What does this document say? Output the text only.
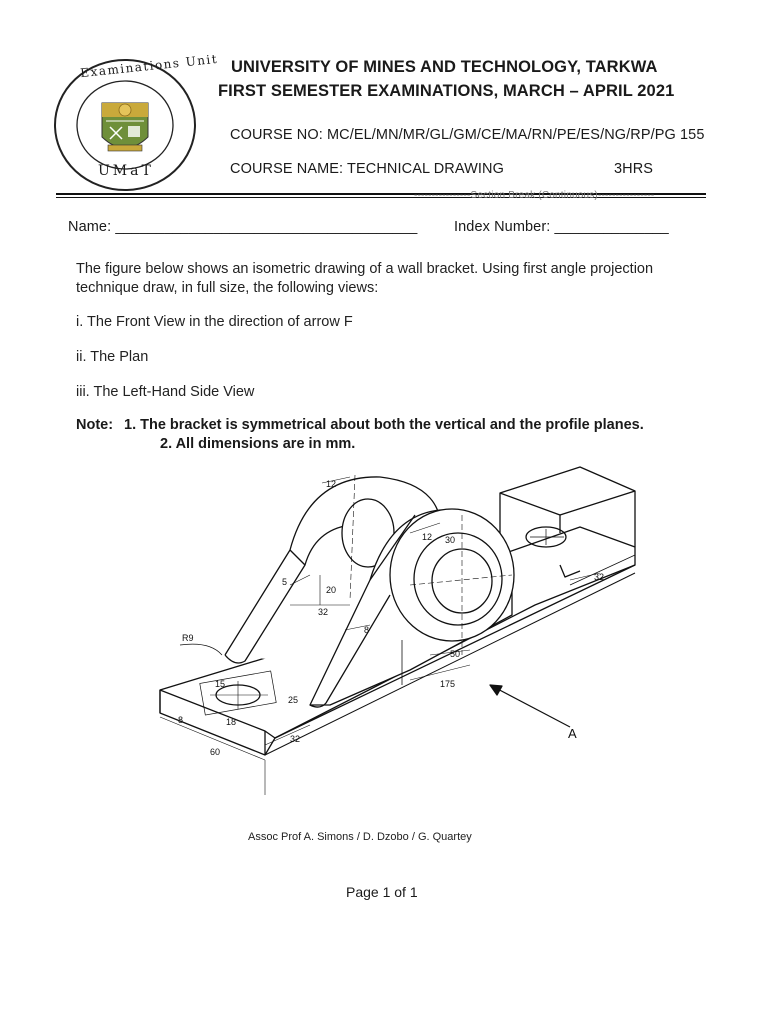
Examinations Unit
UMaT
UNIVERSITY OF MINES AND TECHNOLOGY, TARKWA
FIRST SEMESTER EXAMINATIONS, MARCH – APRIL 2021
COURSE NO: MC/EL/MN/MR/GL/GM/CE/MA/RN/PE/ES/NG/RP/PG 155
COURSE NAME: TECHNICAL DRAWING	3HRS
----------------Section Break (Continuous)----------------
Name: _____________________________________	Index Number: ______________
The figure below shows an isometric drawing of a wall bracket. Using first angle projection technique draw, in full size, the following views:
i. The Front View in the direction of arrow F
ii. The Plan
iii. The Left-Hand Side View
Note: 1. The bracket is symmetrical about both the vertical and the profile planes.
2. All dimensions are in mm.
12
12 30
5
20
32
8
50
175
32
R9
15
25
8	18
32
60
A
Assoc Prof A. Simons / D. Dzobo / G. Quartey
Page 1 of 1
